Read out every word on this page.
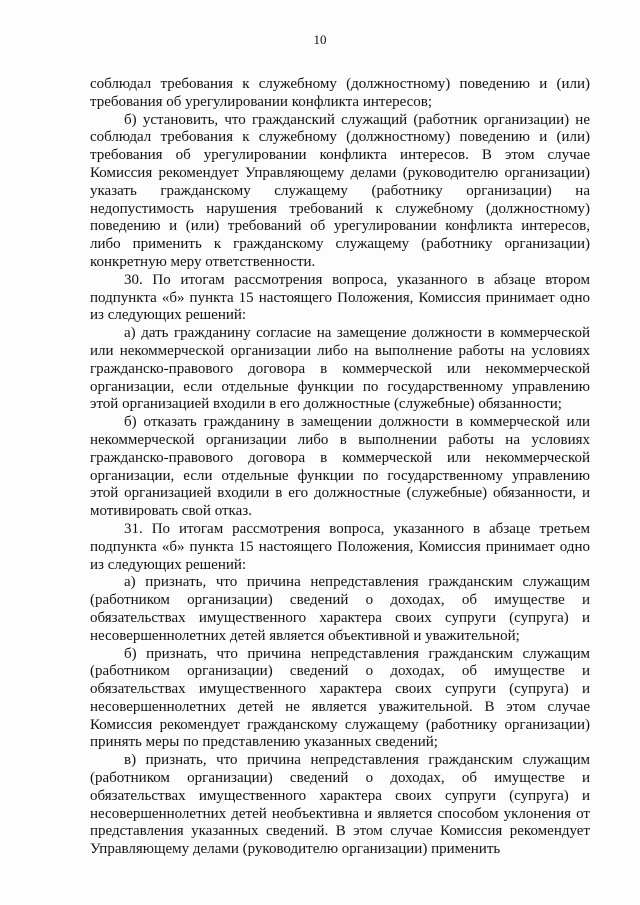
10

соблюдал требования к служебному (должностному) поведению и (или) требования об урегулировании конфликта интересов;

б) установить, что гражданский служащий (работник организации) не соблюдал требования к служебному (должностному) поведению и (или) требования об урегулировании конфликта интересов. В этом случае Комиссия рекомендует Управляющему делами (руководителю организации) указать гражданскому служащему (работнику организации) на недопустимость нарушения требований к служебному (должностному) поведению и (или) требований об урегулировании конфликта интересов, либо применить к гражданскому служащему (работнику организации) конкретную меру ответственности.

30. По итогам рассмотрения вопроса, указанного в абзаце втором подпункта «б» пункта 15 настоящего Положения, Комиссия принимает одно из следующих решений:

а) дать гражданину согласие на замещение должности в коммерческой или некоммерческой организации либо на выполнение работы на условиях гражданско-правового договора в коммерческой или некоммерческой организации, если отдельные функции по государственному управлению этой организацией входили в его должностные (служебные) обязанности;

б) отказать гражданину в замещении должности в коммерческой или некоммерческой организации либо в выполнении работы на условиях гражданско-правового договора в коммерческой или некоммерческой организации, если отдельные функции по государственному управлению этой организацией входили в его должностные (служебные) обязанности, и мотивировать свой отказ.

31. По итогам рассмотрения вопроса, указанного в абзаце третьем подпункта «б» пункта 15 настоящего Положения, Комиссия принимает одно из следующих решений:

а) признать, что причина непредставления гражданским служащим (работником организации) сведений о доходах, об имуществе и обязательствах имущественного характера своих супруги (супруга) и несовершеннолетних детей является объективной и уважительной;

б) признать, что причина непредставления гражданским служащим (работником организации) сведений о доходах, об имуществе и обязательствах имущественного характера своих супруги (супруга) и несовершеннолетних детей не является уважительной. В этом случае Комиссия рекомендует гражданскому служащему (работнику организации) принять меры по представлению указанных сведений;

в) признать, что причина непредставления гражданским служащим (работником организации) сведений о доходах, об имуществе и обязательствах имущественного характера своих супруги (супруга) и несовершеннолетних детей необъективна и является способом уклонения от представления указанных сведений. В этом случае Комиссия рекомендует Управляющему делами (руководителю организации) применить
